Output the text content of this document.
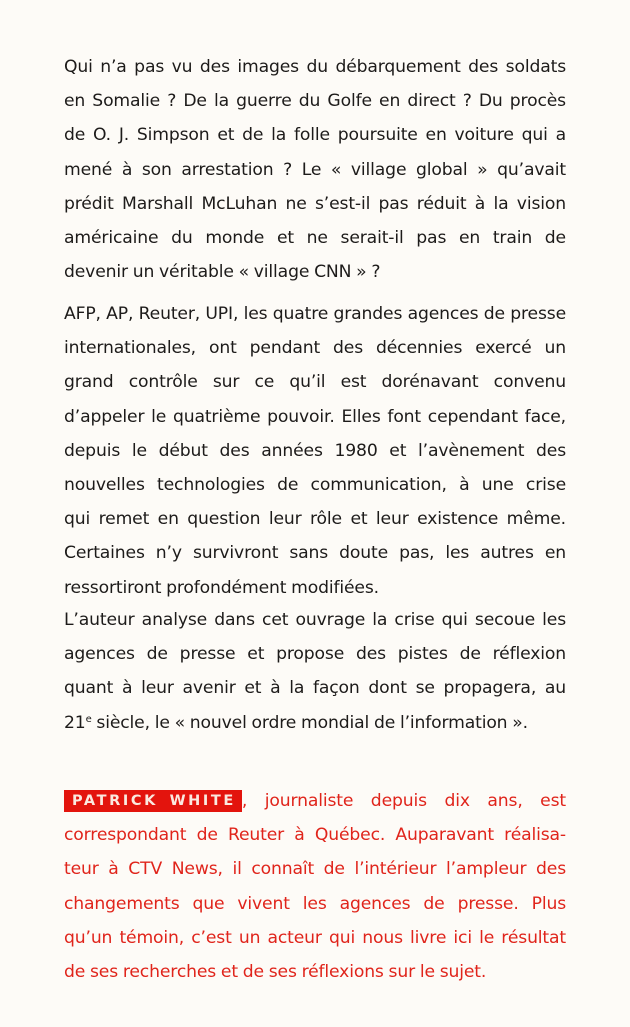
Qui n’a pas vu des images du débarquement des soldats
en Somalie ? De la guerre du Golfe en direct ? Du procès
de O. J. Simpson et de la folle poursuite en voiture qui a
mené à son arrestation ? Le « village global » qu’avait
prédit Marshall McLuhan ne s’est-il pas réduit à la vision
américaine du monde et ne serait-il pas en train de
devenir un véritable « village CNN » ?
AFP, AP, Reuter, UPI, les quatre grandes agences de presse
internationales, ont pendant des décennies exercé un
grand contrôle sur ce qu’il est dorénavant convenu
d’appeler le quatrième pouvoir. Elles font cependant face,
depuis le début des années 1980 et l’avènement des
nouvelles technologies de communication, à une crise
qui remet en question leur rôle et leur existence même.
Certaines n’y survivront sans doute pas, les autres en
ressortiront profondément modifiées.
L’auteur analyse dans cet ouvrage la crise qui secoue les
agences de presse et propose des pistes de réflexion
quant à leur avenir et à la façon dont se propagera, au
21e siècle, le « nouvel ordre mondial de l’information ».
PATRICK WHITE , journaliste depuis dix ans, est
correspondant de Reuter à Québec. Auparavant réalisa-
teur à CTV News, il connaît de l’intérieur l’ampleur des
changements que vivent les agences de presse. Plus
qu’un témoin, c’est un acteur qui nous livre ici le résultat
de ses recherches et de ses réflexions sur le sujet.
